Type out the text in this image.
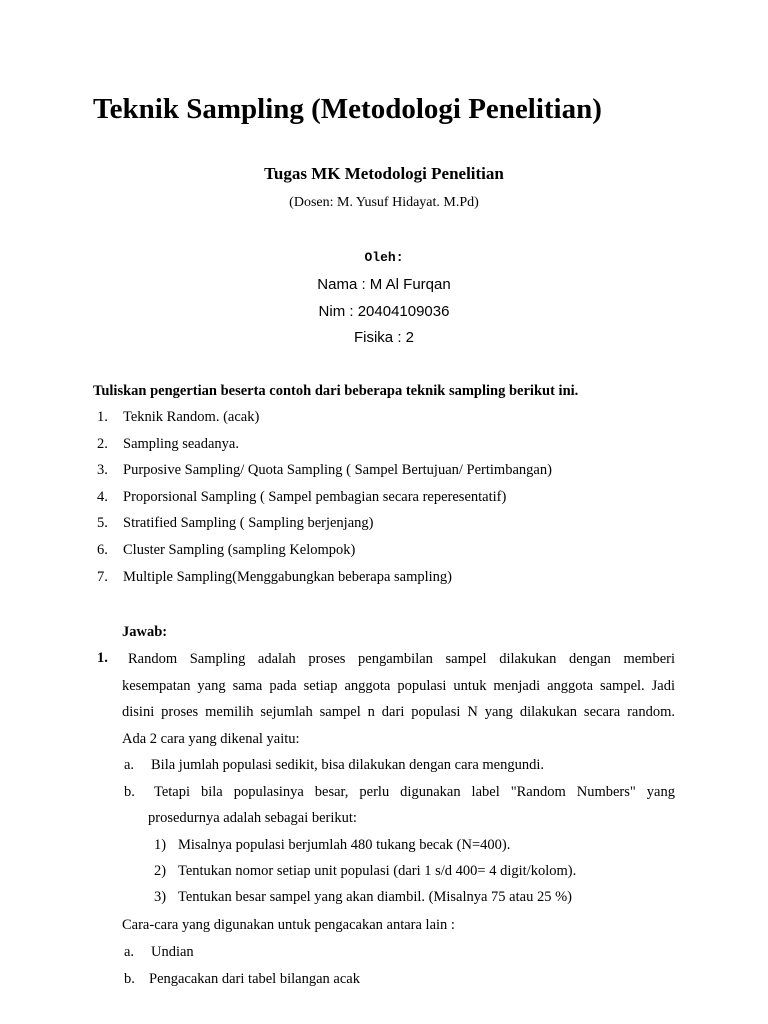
Teknik Sampling (Metodologi Penelitian)
Tugas MK Metodologi Penelitian
(Dosen: M. Yusuf Hidayat. M.Pd)
Oleh:
Nama : M Al Furqan
Nim : 20404109036
Fisika : 2
Tuliskan pengertian beserta contoh dari beberapa teknik sampling berikut ini.
1. Teknik Random. (acak)
2. Sampling seadanya.
3. Purposive Sampling/ Quota Sampling ( Sampel Bertujuan/ Pertimbangan)
4. Proporsional Sampling ( Sampel pembagian secara reperesentatif)
5. Stratified Sampling ( Sampling berjenjang)
6. Cluster Sampling (sampling Kelompok)
7. Multiple Sampling(Menggabungkan beberapa sampling)
Jawab:
1.	Random Sampling adalah proses pengambilan sampel dilakukan dengan memberi

kesempatan yang sama pada setiap anggota populasi untuk menjadi anggota sampel. Jadi

disini proses memilih sejumlah sampel n dari populasi N yang dilakukan secara random.

Ada 2 cara yang dikenal yaitu:

a. Bila jumlah populasi sedikit, bisa dilakukan dengan cara mengundi.
b. Tetapi bila populasinya besar, perlu digunakan label "Random Numbers" yang
prosedurnya adalah sebagai berikut:
1) Misalnya populasi berjumlah 480 tukang becak (N=400).
2) Tentukan nomor setiap unit populasi (dari 1 s/d 400= 4 digit/kolom).
3) Tentukan besar sampel yang akan diambil. (Misalnya 75 atau 25 %)
Cara-cara yang digunakan untuk pengacakan antara lain :
a. Undian
b. Pengacakan dari tabel bilangan acak
